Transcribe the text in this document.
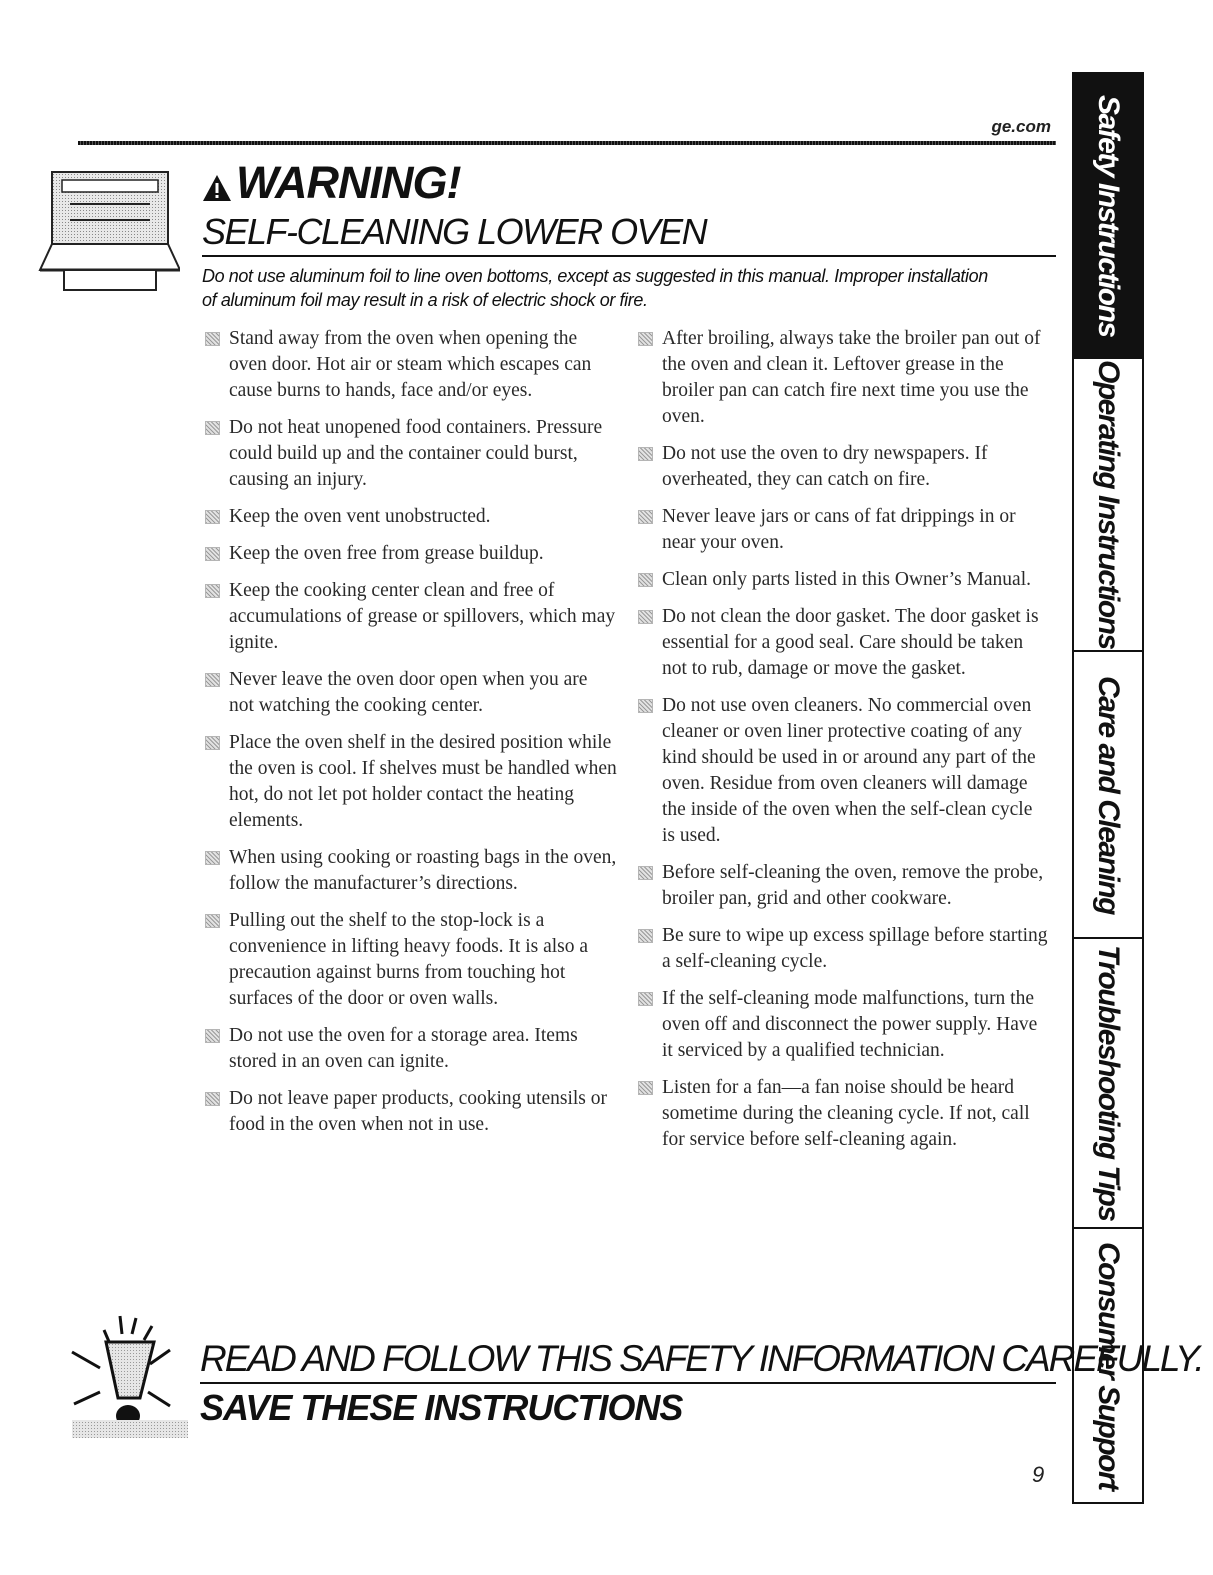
ge.com
WARNING!
SELF-CLEANING LOWER OVEN
Do not use aluminum foil to line oven bottoms, except as suggested in this manual. Improper installation of aluminum foil may result in a risk of electric shock or fire.
Stand away from the oven when opening the oven door. Hot air or steam which escapes can cause burns to hands, face and/or eyes.
Do not heat unopened food containers. Pressure could build up and the container could burst, causing an injury.
Keep the oven vent unobstructed.
Keep the oven free from grease buildup.
Keep the cooking center clean and free of accumulations of grease or spillovers, which may ignite.
Never leave the oven door open when you are not watching the cooking center.
Place the oven shelf in the desired position while the oven is cool. If shelves must be handled when hot, do not let pot holder contact the heating elements.
When using cooking or roasting bags in the oven, follow the manufacturer’s directions.
Pulling out the shelf to the stop-lock is a convenience in lifting heavy foods. It is also a precaution against burns from touching hot surfaces of the door or oven walls.
Do not use the oven for a storage area. Items stored in an oven can ignite.
Do not leave paper products, cooking utensils or food in the oven when not in use.
After broiling, always take the broiler pan out of the oven and clean it. Leftover grease in the broiler pan can catch fire next time you use the oven.
Do not use the oven to dry newspapers. If overheated, they can catch on fire.
Never leave jars or cans of fat drippings in or near your oven.
Clean only parts listed in this Owner’s Manual.
Do not clean the door gasket. The door gasket is essential for a good seal. Care should be taken not to rub, damage or move the gasket.
Do not use oven cleaners. No commercial oven cleaner or oven liner protective coating of any kind should be used in or around any part of the oven. Residue from oven cleaners will damage the inside of the oven when the self-clean cycle is used.
Before self-cleaning the oven, remove the probe, broiler pan, grid and other cookware.
Be sure to wipe up excess spillage before starting a self-cleaning cycle.
If the self-cleaning mode malfunctions, turn the oven off and disconnect the power supply. Have it serviced by a qualified technician.
Listen for a fan—a fan noise should be heard sometime during the cleaning cycle. If not, call for service before self-cleaning again.
READ AND FOLLOW THIS SAFETY INFORMATION CAREFULLY.
SAVE THESE INSTRUCTIONS
9
Safety Instructions
Operating Instructions
Care and Cleaning
Troubleshooting Tips
Consumer Support
